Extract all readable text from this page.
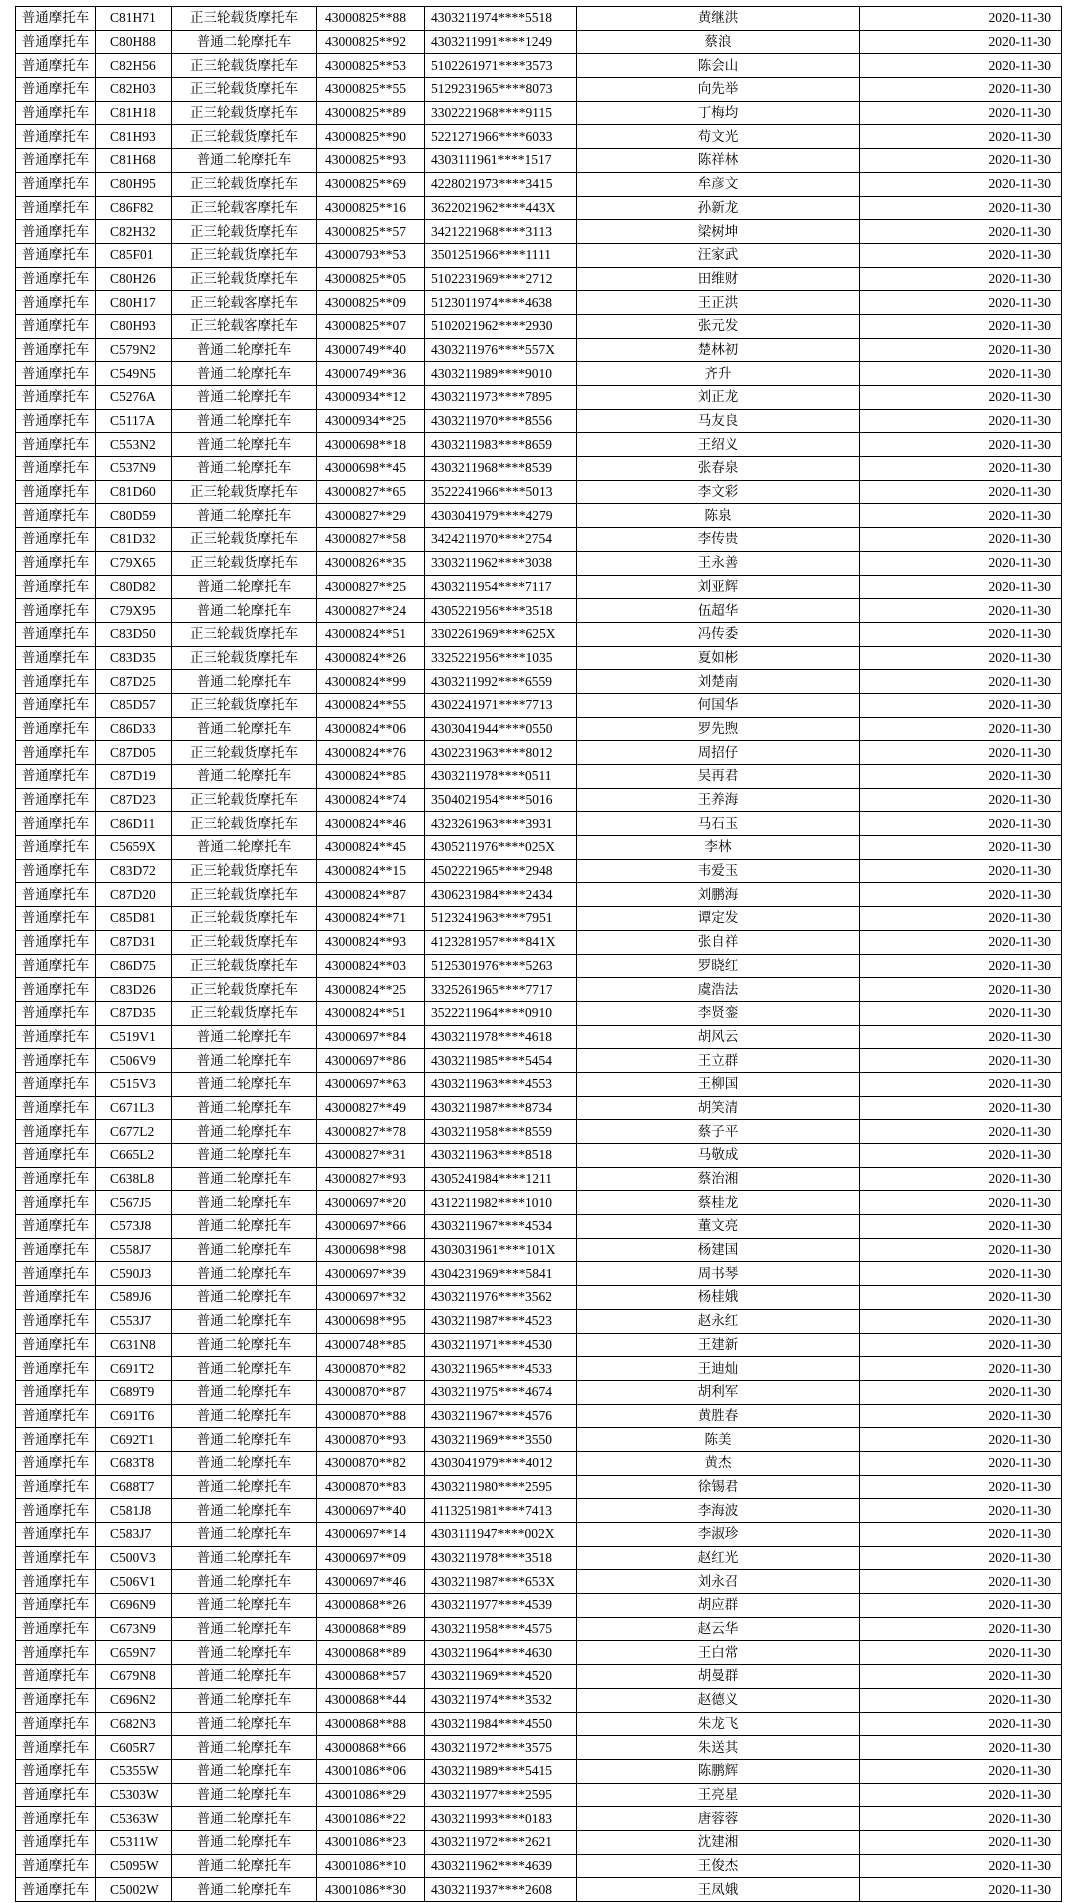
普通摩托车	C81H71	正三轮载货摩托车	43000825**88	4303211974****5518	黄继洪	2020-11-30
普通摩托车	C80H88	普通二轮摩托车	43000825**92	4303211991****1249	蔡浪	2020-11-30
普通摩托车	C82H56	正三轮载货摩托车	43000825**53	5102261971****3573	陈会山	2020-11-30
普通摩托车	C82H03	正三轮载货摩托车	43000825**55	5129231965****8073	向先举	2020-11-30
普通摩托车	C81H18	正三轮载货摩托车	43000825**89	3302221968****9115	丁梅均	2020-11-30
普通摩托车	C81H93	正三轮载货摩托车	43000825**90	5221271966****6033	苟文光	2020-11-30
普通摩托车	C81H68	普通二轮摩托车	43000825**93	4303111961****1517	陈祥林	2020-11-30
普通摩托车	C80H95	正三轮载货摩托车	43000825**69	4228021973****3415	牟彦文	2020-11-30
普通摩托车	C86F82	正三轮载客摩托车	43000825**16	3622021962****443X	孙新龙	2020-11-30
普通摩托车	C82H32	正三轮载货摩托车	43000825**57	3421221968****3113	梁树坤	2020-11-30
普通摩托车	C85F01	正三轮载货摩托车	43000793**53	3501251966****1111	汪家武	2020-11-30
普通摩托车	C80H26	正三轮载货摩托车	43000825**05	5102231969****2712	田维财	2020-11-30
普通摩托车	C80H17	正三轮载客摩托车	43000825**09	5123011974****4638	王正洪	2020-11-30
普通摩托车	C80H93	正三轮载客摩托车	43000825**07	5102021962****2930	张元发	2020-11-30
普通摩托车	C579N2	普通二轮摩托车	43000749**40	4303211976****557X	楚林初	2020-11-30
普通摩托车	C549N5	普通二轮摩托车	43000749**36	4303211989****9010	齐升	2020-11-30
普通摩托车	C5276A	普通二轮摩托车	43000934**12	4303211973****7895	刘正龙	2020-11-30
普通摩托车	C5117A	普通二轮摩托车	43000934**25	4303211970****8556	马友良	2020-11-30
普通摩托车	C553N2	普通二轮摩托车	43000698**18	4303211983****8659	王绍义	2020-11-30
普通摩托车	C537N9	普通二轮摩托车	43000698**45	4303211968****8539	张春泉	2020-11-30
普通摩托车	C81D60	正三轮载货摩托车	43000827**65	3522241966****5013	李文彩	2020-11-30
普通摩托车	C80D59	普通二轮摩托车	43000827**29	4303041979****4279	陈泉	2020-11-30
普通摩托车	C81D32	正三轮载货摩托车	43000827**58	3424211970****2754	李传贵	2020-11-30
普通摩托车	C79X65	正三轮载货摩托车	43000826**35	3303211962****3038	王永善	2020-11-30
普通摩托车	C80D82	普通二轮摩托车	43000827**25	4303211954****7117	刘亚辉	2020-11-30
普通摩托车	C79X95	普通二轮摩托车	43000827**24	4305221956****3518	伍超华	2020-11-30
普通摩托车	C83D50	正三轮载货摩托车	43000824**51	3302261969****625X	冯传委	2020-11-30
普通摩托车	C83D35	正三轮载货摩托车	43000824**26	3325221956****1035	夏如彬	2020-11-30
普通摩托车	C87D25	普通二轮摩托车	43000824**99	4303211992****6559	刘楚南	2020-11-30
普通摩托车	C85D57	正三轮载货摩托车	43000824**55	4302241971****7713	何国华	2020-11-30
普通摩托车	C86D33	普通二轮摩托车	43000824**06	4303041944****0550	罗先煦	2020-11-30
普通摩托车	C87D05	正三轮载货摩托车	43000824**76	4302231963****8012	周招仔	2020-11-30
普通摩托车	C87D19	普通二轮摩托车	43000824**85	4303211978****0511	吴再君	2020-11-30
普通摩托车	C87D23	正三轮载货摩托车	43000824**74	3504021954****5016	王养海	2020-11-30
普通摩托车	C86D11	正三轮载货摩托车	43000824**46	4323261963****3931	马石玉	2020-11-30
普通摩托车	C5659X	普通二轮摩托车	43000824**45	4305211976****025X	李林	2020-11-30
普通摩托车	C83D72	正三轮载货摩托车	43000824**15	4502221965****2948	韦爱玉	2020-11-30
普通摩托车	C87D20	正三轮载货摩托车	43000824**87	4306231984****2434	刘鹏海	2020-11-30
普通摩托车	C85D81	正三轮载货摩托车	43000824**71	5123241963****7951	谭定发	2020-11-30
普通摩托车	C87D31	正三轮载货摩托车	43000824**93	4123281957****841X	张自祥	2020-11-30
普通摩托车	C86D75	正三轮载货摩托车	43000824**03	5125301976****5263	罗晓红	2020-11-30
普通摩托车	C83D26	正三轮载货摩托车	43000824**25	3325261965****7717	虞浩法	2020-11-30
普通摩托车	C87D35	正三轮载货摩托车	43000824**51	3522211964****0910	李贤銮	2020-11-30
普通摩托车	C519V1	普通二轮摩托车	43000697**84	4303211978****4618	胡风云	2020-11-30
普通摩托车	C506V9	普通二轮摩托车	43000697**86	4303211985****5454	王立群	2020-11-30
普通摩托车	C515V3	普通二轮摩托车	43000697**63	4303211963****4553	王柳国	2020-11-30
普通摩托车	C671L3	普通二轮摩托车	43000827**49	4303211987****8734	胡笑清	2020-11-30
普通摩托车	C677L2	普通二轮摩托车	43000827**78	4303211958****8559	蔡子平	2020-11-30
普通摩托车	C665L2	普通二轮摩托车	43000827**31	4303211963****8518	马敬成	2020-11-30
普通摩托车	C638L8	普通二轮摩托车	43000827**93	4305241984****1211	蔡治湘	2020-11-30
普通摩托车	C567J5	普通二轮摩托车	43000697**20	4312211982****1010	蔡桂龙	2020-11-30
普通摩托车	C573J8	普通二轮摩托车	43000697**66	4303211967****4534	董文亮	2020-11-30
普通摩托车	C558J7	普通二轮摩托车	43000698**98	4303031961****101X	杨建国	2020-11-30
普通摩托车	C590J3	普通二轮摩托车	43000697**39	4304231969****5841	周书琴	2020-11-30
普通摩托车	C589J6	普通二轮摩托车	43000697**32	4303211976****3562	杨桂娥	2020-11-30
普通摩托车	C553J7	普通二轮摩托车	43000698**95	4303211987****4523	赵永红	2020-11-30
普通摩托车	C631N8	普通二轮摩托车	43000748**85	4303211971****4530	王建新	2020-11-30
普通摩托车	C691T2	普通二轮摩托车	43000870**82	4303211965****4533	王迪灿	2020-11-30
普通摩托车	C689T9	普通二轮摩托车	43000870**87	4303211975****4674	胡利军	2020-11-30
普通摩托车	C691T6	普通二轮摩托车	43000870**88	4303211967****4576	黄胜春	2020-11-30
普通摩托车	C692T1	普通二轮摩托车	43000870**93	4303211969****3550	陈美	2020-11-30
普通摩托车	C683T8	普通二轮摩托车	43000870**82	4303041979****4012	黄杰	2020-11-30
普通摩托车	C688T7	普通二轮摩托车	43000870**83	4303211980****2595	徐锡君	2020-11-30
普通摩托车	C581J8	普通二轮摩托车	43000697**40	4113251981****7413	李海波	2020-11-30
普通摩托车	C583J7	普通二轮摩托车	43000697**14	4303111947****002X	李淑珍	2020-11-30
普通摩托车	C500V3	普通二轮摩托车	43000697**09	4303211978****3518	赵红光	2020-11-30
普通摩托车	C506V1	普通二轮摩托车	43000697**46	4303211987****653X	刘永召	2020-11-30
普通摩托车	C696N9	普通二轮摩托车	43000868**26	4303211977****4539	胡应群	2020-11-30
普通摩托车	C673N9	普通二轮摩托车	43000868**89	4303211958****4575	赵云华	2020-11-30
普通摩托车	C659N7	普通二轮摩托车	43000868**89	4303211964****4630	王白常	2020-11-30
普通摩托车	C679N8	普通二轮摩托车	43000868**57	4303211969****4520	胡曼群	2020-11-30
普通摩托车	C696N2	普通二轮摩托车	43000868**44	4303211974****3532	赵德义	2020-11-30
普通摩托车	C682N3	普通二轮摩托车	43000868**88	4303211984****4550	朱龙飞	2020-11-30
普通摩托车	C605R7	普通二轮摩托车	43000868**66	4303211972****3575	朱送其	2020-11-30
普通摩托车	C5355W	普通二轮摩托车	43001086**06	4303211989****5415	陈鹏辉	2020-11-30
普通摩托车	C5303W	普通二轮摩托车	43001086**29	4303211977****2595	王亮星	2020-11-30
普通摩托车	C5363W	普通二轮摩托车	43001086**22	4303211993****0183	唐蓉蓉	2020-11-30
普通摩托车	C5311W	普通二轮摩托车	43001086**23	4303211972****2621	沈建湘	2020-11-30
普通摩托车	C5095W	普通二轮摩托车	43001086**10	4303211962****4639	王俊杰	2020-11-30
普通摩托车	C5002W	普通二轮摩托车	43001086**30	4303211937****2608	王凤娥	2020-11-30
